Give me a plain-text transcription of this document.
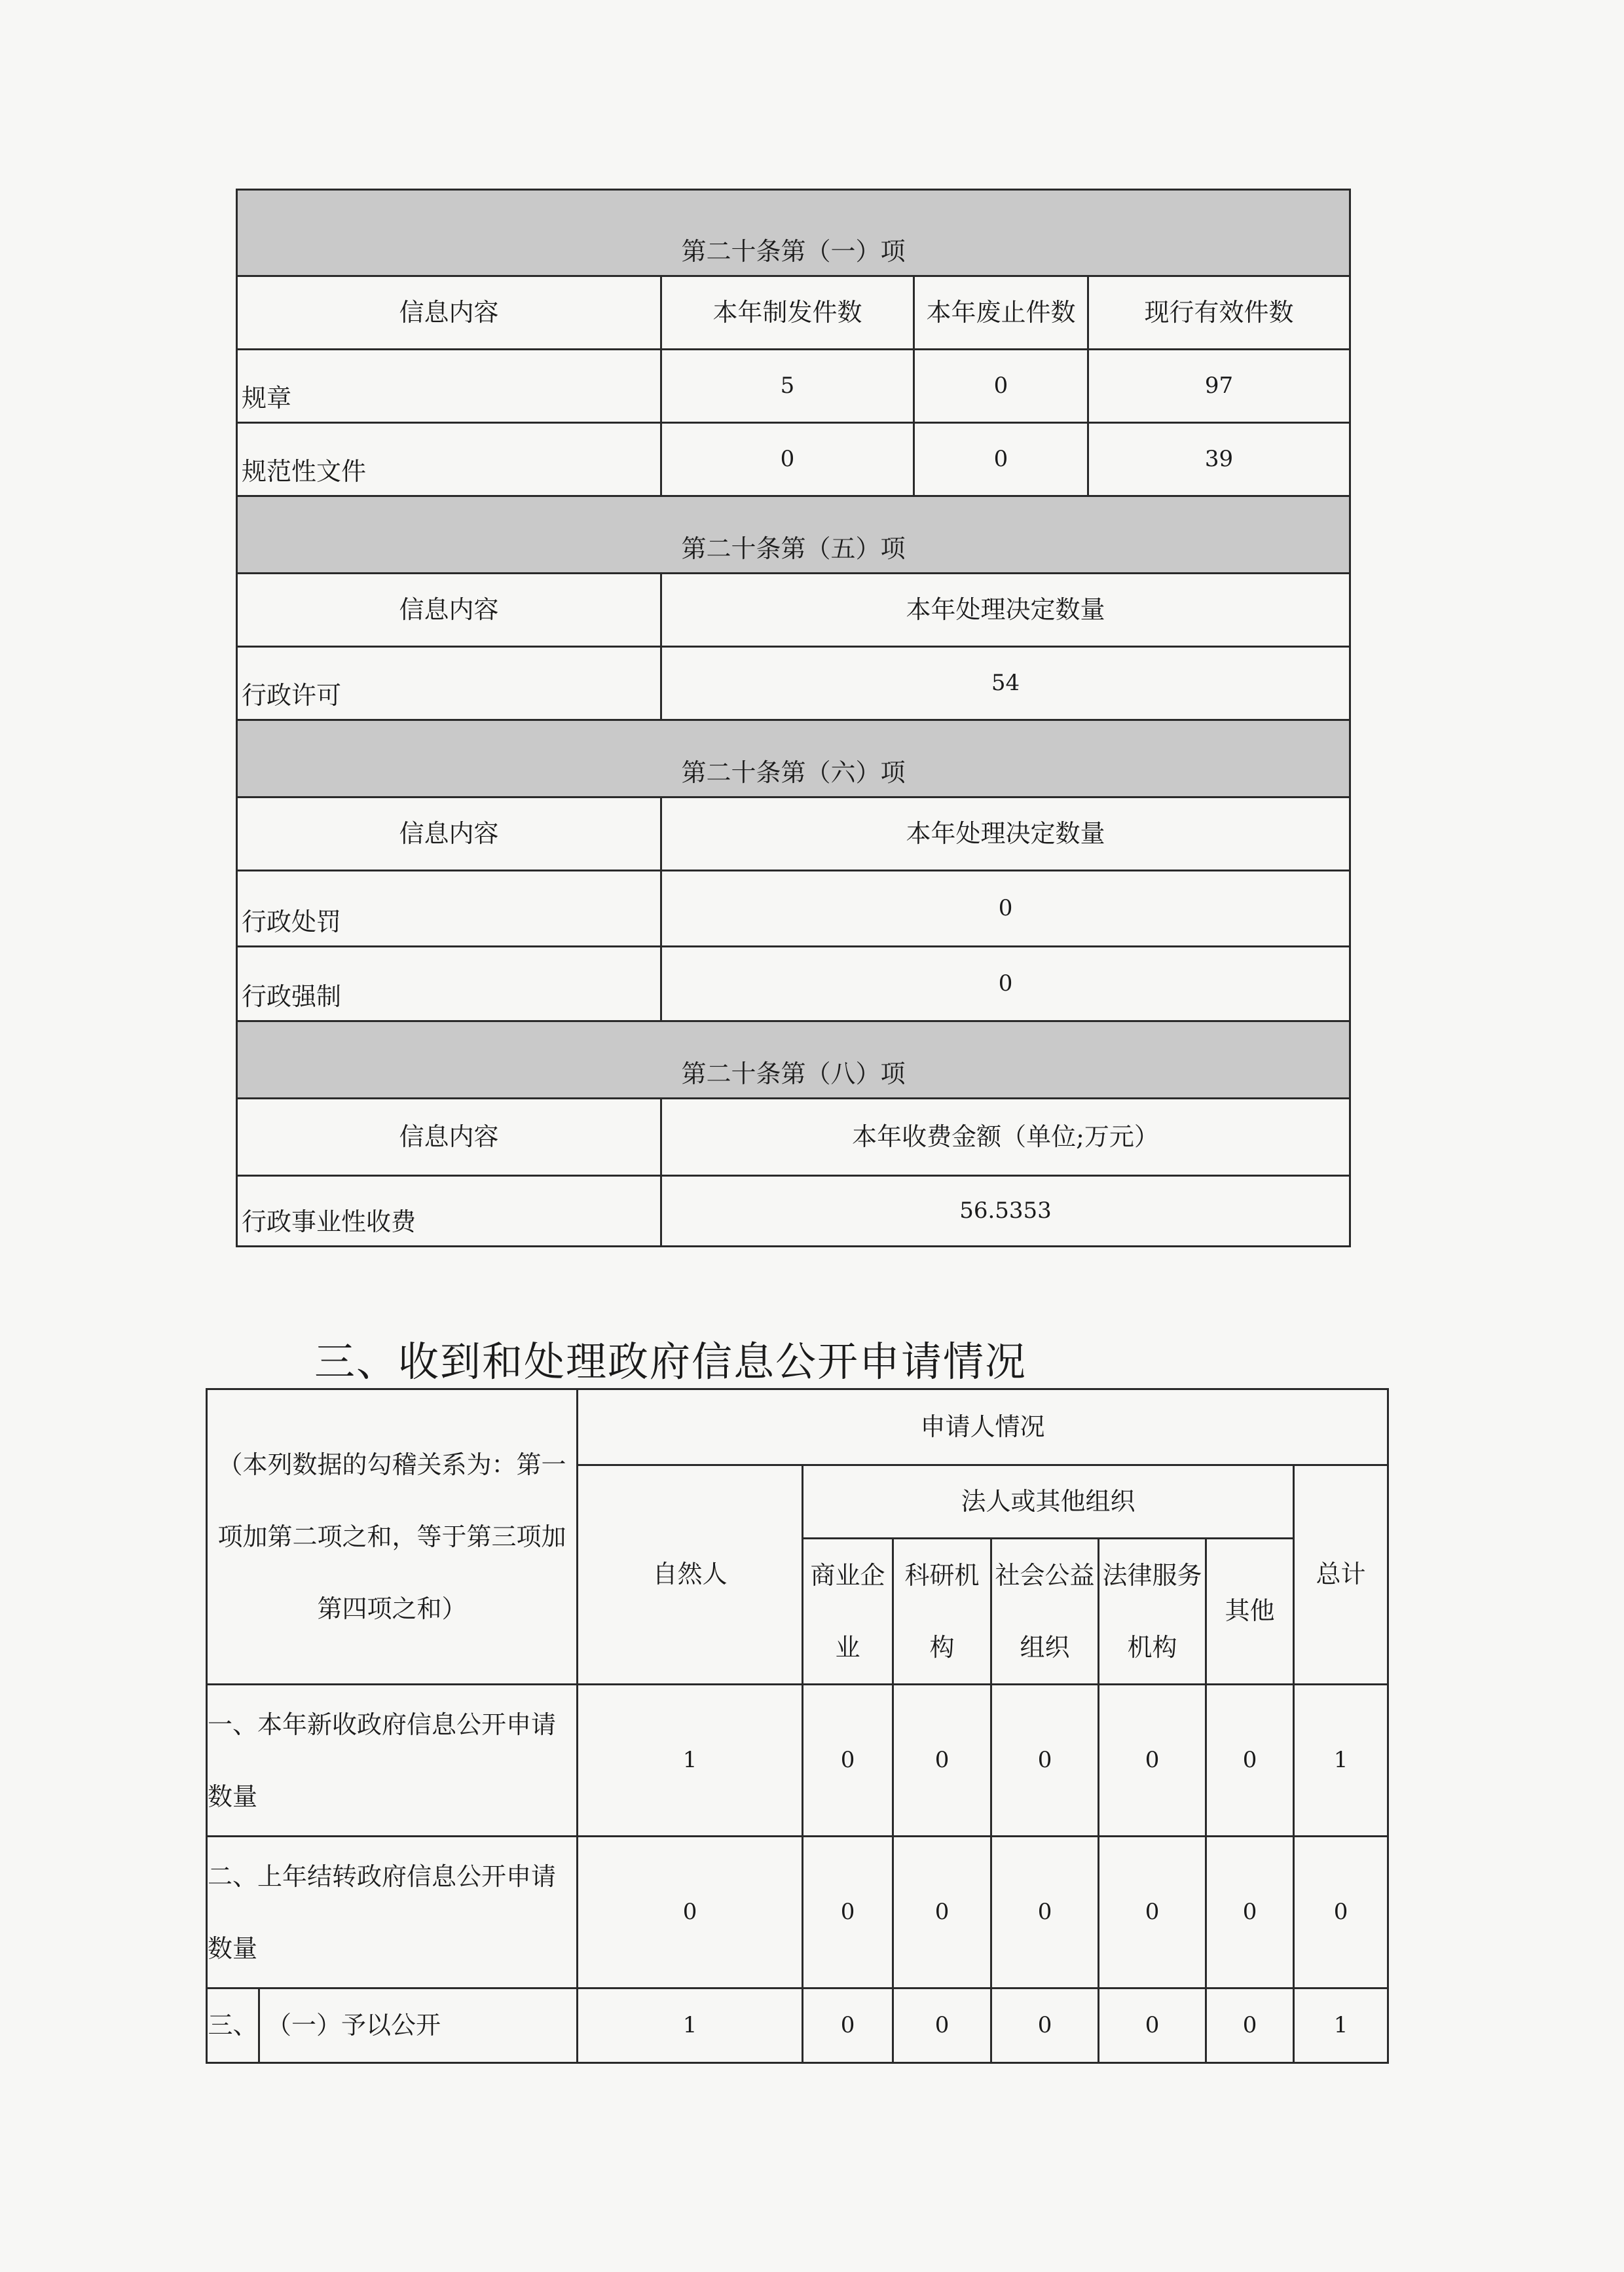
第二十条第（一）项			
信息内容	本年制发件数	本年废止件数	现行有效件数
规章	5	0	97
规范性文件	0	0	39
第二十条第（五）项			
信息内容	本年处理决定数量		
行政许可	54		
第二十条第（六）项			
信息内容	本年处理决定数量		
行政处罚	0		
行政强制	0		
第二十条第（八）项			
信息内容	本年收费金额（单位;万元）		
行政事业性收费	56.5353		
三、收到和处理政府信息公开申请情况
（本列数据的勾稽关系为：第一项加第二项之和，等于第三项加第四项之和）		申请人情况						
		自然人	法人或其他组织					总计
			商业企业	科研机构	社会公益组织	法律服务机构	其他	

一、本年新收政府信息公开申请数量		1	0	0	0	0	0	1
二、上年结转政府信息公开申请数量		0	0	0	0	0	0	0
三、	（一）予以公开	1	0	0	0	0	0	1
